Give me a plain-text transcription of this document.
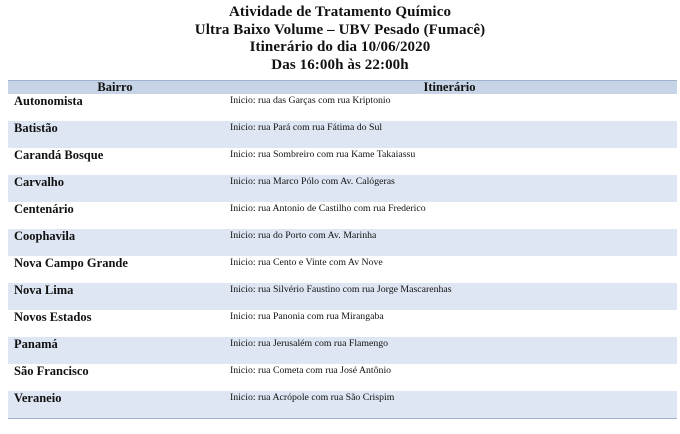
Atividade de Tratamento Químico

Ultra Baixo Volume – UBV Pesado (Fumacê)

Itinerário do dia 10/06/2020

Das 16:00h às 22:00h

Bairro	Itinerário

Autonomista	Inicio: rua das Garças com rua Kriptonio

Batistão	Inicio: rua Pará com rua Fátima do Sul

Carandá Bosque	Inicio: rua Sombreiro com rua Kame Takaiassu

Carvalho	Inicio: rua Marco Pólo com Av. Calógeras

Centenário	Inicio: rua Antonio de Castilho com rua Frederico

Coophavila	Inicio: rua do Porto com Av. Marinha

Nova Campo Grande	Inicio: rua Cento e Vinte com Av Nove

Nova Lima	Inicio: rua Silvério Faustino com rua Jorge Mascarenhas

Novos Estados	Inicio: rua Panonia com rua Mirangaba

Panamá	Inicio: rua Jerusalém com rua Flamengo

São Francisco	Inicio: rua Cometa com rua José Antônio

Veraneio	Inicio: rua Acrópole com rua São Crispim
